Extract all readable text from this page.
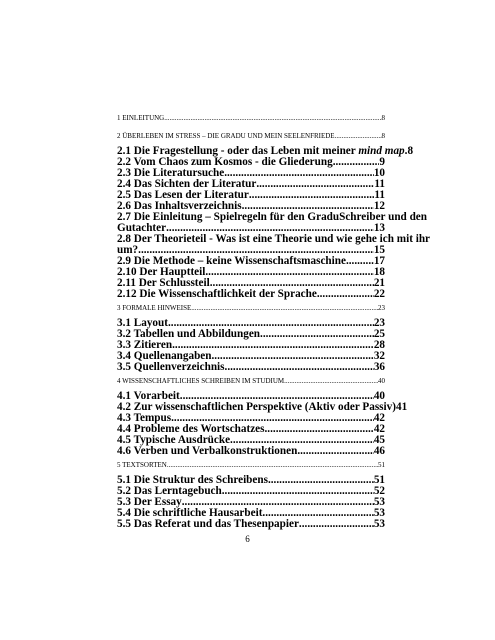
1 EINLEITUNG .....	8
2 ÜBERLEBEN IM STRESS – DIE GRADU UND MEIN SEELENFRIEDE .....	8
2.1 Die Fragestellung - oder das Leben mit meiner mind map. 8
2.2 Vom Chaos zum Kosmos - die Gliederung .....	9
2.3 Die Literatursuche .....	10
2.4 Das Sichten der Literatur .....	11
2.5 Das Lesen der Literatur .....	11
2.6 Das Inhaltsverzeichnis .....	12
2.7 Die Einleitung – Spielregeln für den GraduSchreiber und den
Gutachter .....	13
2.8 Der Theorieteil - Was ist eine Theorie und wie gehe ich mit ihr
um? .....	15
2.9 Die Methode – keine Wissenschaftsmaschine ..... 17
2.10 Der Hauptteil .....	18
2.11 Der Schlussteil .....	21
2.12 Die Wissenschaftlichkeit der Sprache .....	22
3 FORMALE HINWEISE .....	23
3.1 Layout .....	23
3.2 Tabellen und Abbildungen .....	25
3.3 Zitieren .....	28
3.4 Quellenangaben .....	32
3.5 Quellenverzeichnis .....	36
4 WISSENSCHAFTLICHES SCHREIBEN IM STUDIUM .....	40
4.1 Vorarbeit .....	40
4.2 Zur wissenschaftlichen Perspektive (Aktiv oder Passiv) 41
4.3 Tempus .....	42
4.4 Probleme des Wortschatzes .....	42
4.5 Typische Ausdrücke .....	45
4.6 Verben und Verbalkonstruktionen .....	46
5 TEXTSORTEN .....	51
5.1 Die Struktur des Schreibens .....	51
5.2 Das Lerntagebuch .....	52
5.3 Der Essay .....	53
5.4 Die schriftliche Hausarbeit .....	53
5.5 Das Referat und das Thesenpapier .....	53
6
